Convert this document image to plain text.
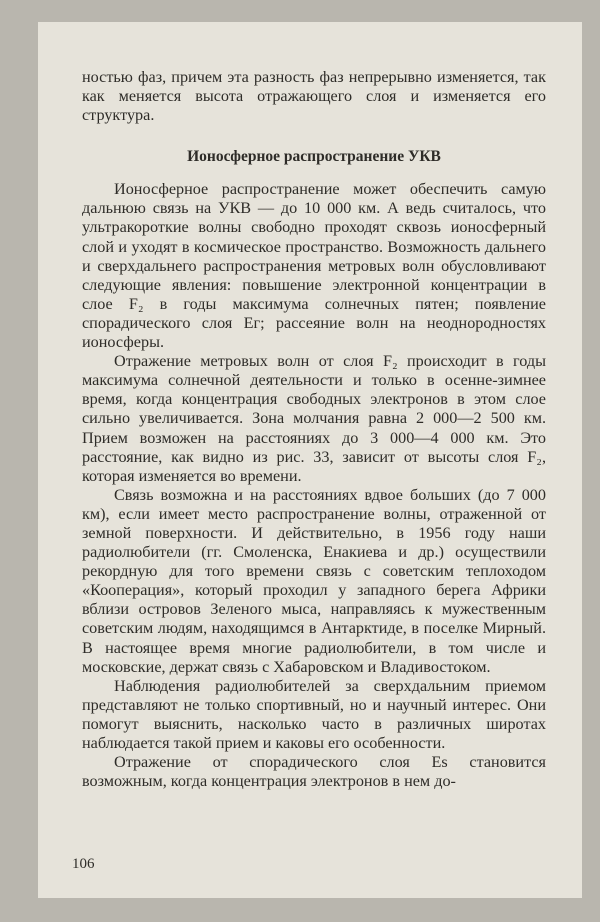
ностью фаз, причем эта разность фаз непрерывно изменяется, так как меняется высота отражающего слоя и изменяется его структура.

Ионосферное распространение УКВ

Ионосферное распространение может обеспечить самую дальнюю связь на УКВ — до 10 000 км. А ведь считалось, что ультракороткие волны свободно проходят сквозь ионосферный слой и уходят в космическое пространство. Возможность дальнего и сверхдальнего распространения метровых волн обусловливают следующие явления: повышение электронной концентрации в слое F₂ в годы максимума солнечных пятен; появление спорадического слоя Eг; рассеяние волн на неоднородностях ионосферы.

Отражение метровых волн от слоя F₂ происходит в годы максимума солнечной деятельности и только в осенне-зимнее время, когда концентрация свободных электронов в этом слое сильно увеличивается. Зона молчания равна 2 000—2 500 км. Прием возможен на расстояниях до 3 000—4 000 км. Это расстояние, как видно из рис. 33, зависит от высоты слоя F₂, которая изменяется во времени.

Связь возможна и на расстояниях вдвое больших (до 7 000 км), если имеет место распространение волны, отраженной от земной поверхности. И действительно, в 1956 году наши радиолюбители (гг. Смоленска, Енакиева и др.) осуществили рекордную для того времени связь с советским теплоходом «Кооперация», который проходил у западного берега Африки вблизи островов Зеленого мыса, направляясь к мужественным советским людям, находящимся в Антарктиде, в поселке Мирный. В настоящее время многие радиолюбители, в том числе и московские, держат связь с Хабаровском и Владивостоком.

Наблюдения радиолюбителей за сверхдальним приемом представляют не только спортивный, но и научный интерес. Они помогут выяснить, насколько часто в различных широтах наблюдается такой прием и каковы его особенности.

Отражение от спорадического слоя Es становится возможным, когда концентрация электронов в нем до-

106
